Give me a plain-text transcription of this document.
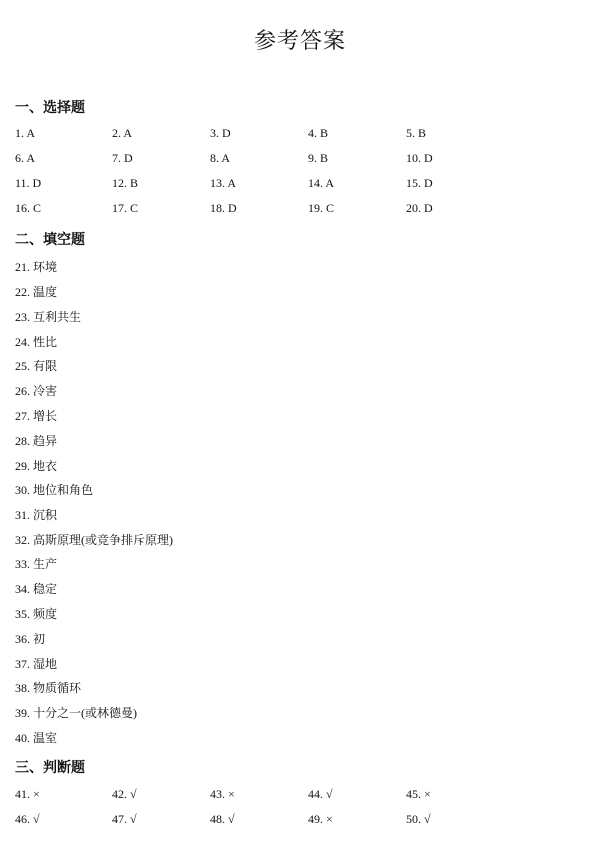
参考答案
一、选择题
1. A	2. A	3. D	4. B	5. B
6. A	7. D	8. A	9. B	10. D
11. D	12. B	13. A	14. A	15. D
16. C	17. C	18. D	19. C	20. D
二、填空题
21. 环境
22. 温度
23. 互利共生
24. 性比
25. 有限
26. 冷害
27. 增长
28. 趋异
29. 地衣
30. 地位和角色
31. 沉积
32. 高斯原理(或竞争排斥原理)
33. 生产
34. 稳定
35. 频度
36. 初
37. 湿地
38. 物质循环
39. 十分之一(或林德曼)
40. 温室
三、判断题
41. ×	42. √	43. ×	44. √	45. ×
46. √	47. √	48. √	49. ×	50. √
